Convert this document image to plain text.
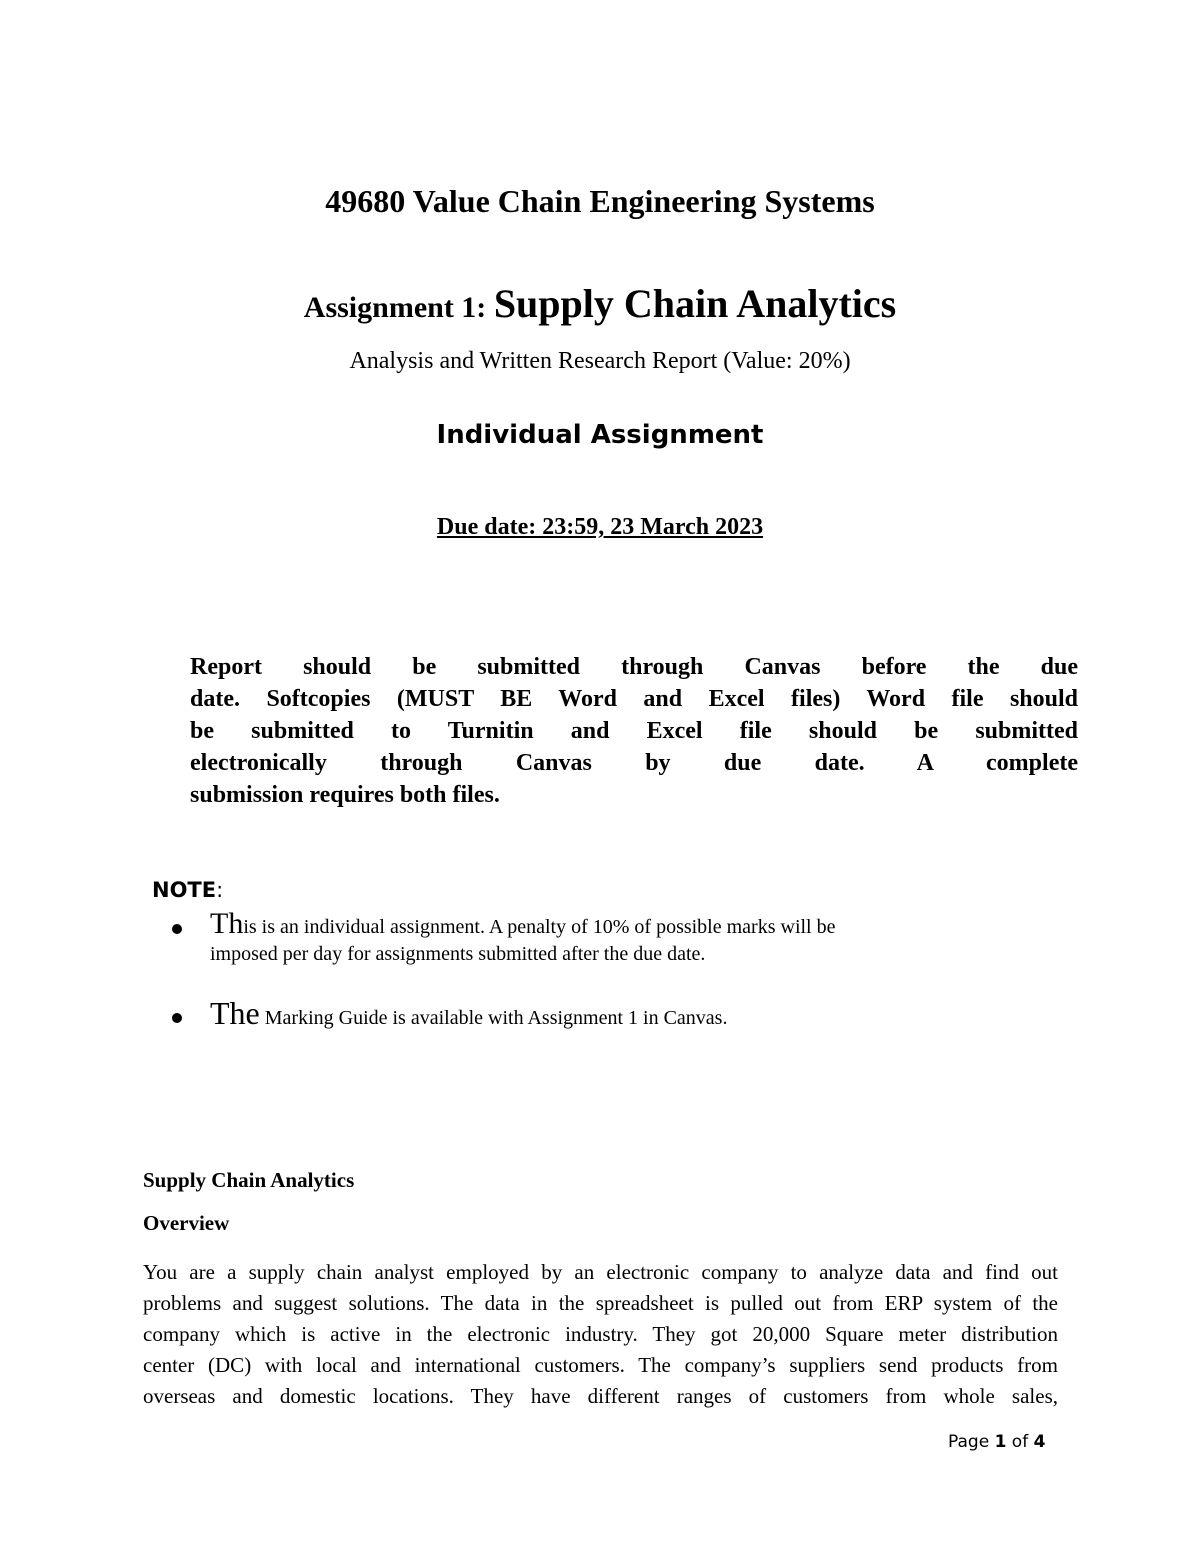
49680 Value Chain Engineering Systems
Assignment 1: Supply Chain Analytics
Analysis and Written Research Report (Value: 20%)
Individual Assignment
Due date: 23:59, 23 March 2023
Report should be submitted through Canvas before the due
date. Softcopies (MUST BE Word and Excel files) Word file should
be submitted to Turnitin and Excel file should be submitted
electronically through Canvas by due date. A complete
submission requires both files.
NOTE:
This is an individual assignment. A penalty of 10% of possible marks will be
imposed per day for assignments submitted after the due date.
The Marking Guide is available with Assignment 1 in Canvas.
Supply Chain Analytics
Overview
You are a supply chain analyst employed by an electronic company to analyze data and find out
problems and suggest solutions. The data in the spreadsheet is pulled out from ERP system of the
company which is active in the electronic industry. They got 20,000 Square meter distribution
center (DC) with local and international customers. The company’s suppliers send products from
overseas and domestic locations. They have different ranges of customers from whole sales,
Page 1 of 4
